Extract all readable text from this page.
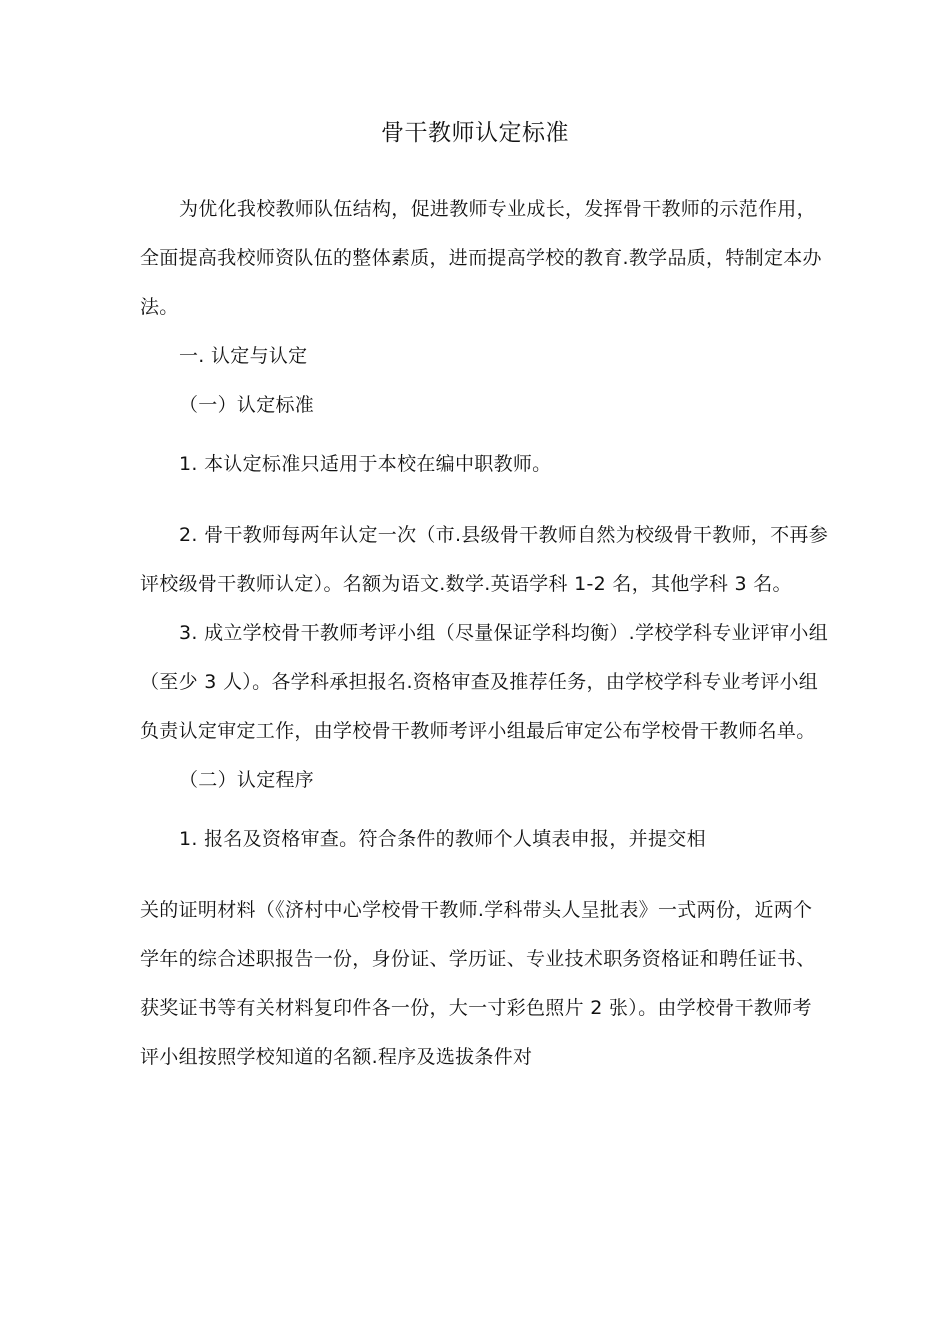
骨干教师认定标准

为优化我校教师队伍结构，促进教师专业成长，发挥骨干教师的示范作用，全面提高我校师资队伍的整体素质，进而提高学校的教育.教学品质，特制定本办法。

一. 认定与认定

（一）认定标准

1. 本认定标准只适用于本校在编中职教师。

2. 骨干教师每两年认定一次（市.县级骨干教师自然为校级骨干教师，不再参评校级骨干教师认定）。名额为语文.数学.英语学科 1-2 名，其他学科 3 名。

3. 成立学校骨干教师考评小组（尽量保证学科均衡）.学校学科专业评审小组（至少 3 人）。各学科承担报名.资格审查及推荐任务，由学校学科专业考评小组负责认定审定工作，由学校骨干教师考评小组最后审定公布学校骨干教师名单。

（二）认定程序

1. 报名及资格审查。符合条件的教师个人填表申报，并提交相

关的证明材料（《济村中心学校骨干教师.学科带头人呈批表》一式两份，近两个学年的综合述职报告一份，身份证、学历证、专业技术职务资格证和聘任证书、获奖证书等有关材料复印件各一份，大一寸彩色照片 2 张）。由学校骨干教师考评小组按照学校知道的名额.程序及选拔条件对
